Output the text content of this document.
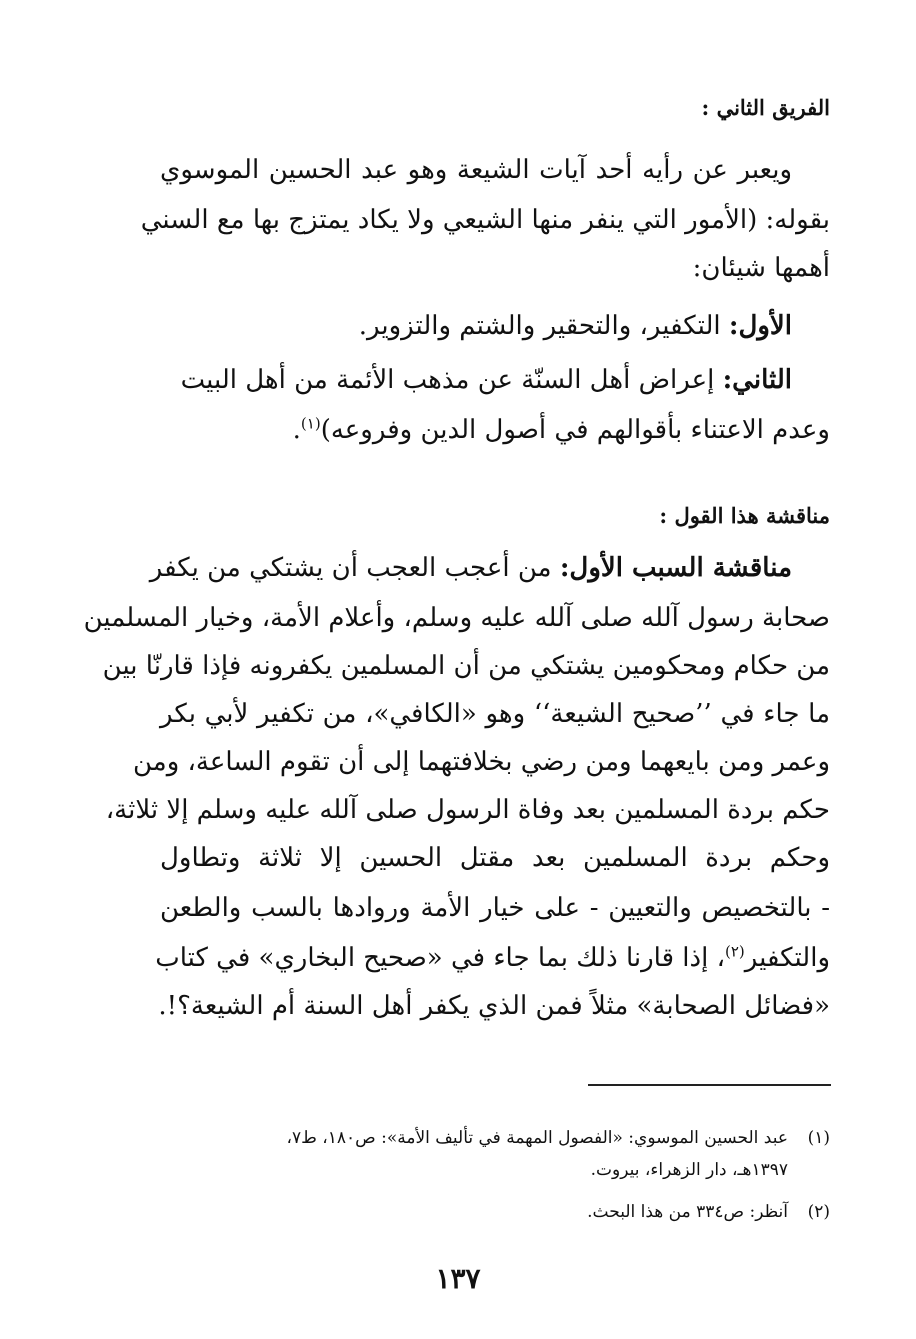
الفريق الثاني :
ويعبر عن رأيه أحد آيات الشيعة وهو عبد الحسين الموسوي
بقوله: (الأمور التي ينفر منها الشيعي ولا يكاد يمتزج بها مع السني
أهمها شيئان:
الأول: التكفير، والتحقير والشتم والتزوير.
الثاني: إعراض أهل السنّة عن مذهب الأئمة من أهل البيت
وعدم الاعتناء بأقوالهم في أصول الدين وفروعه)$^{(١)}$.
مناقشة هذا القول :
مناقشة السبب الأول: من أعجب العجب أن يشتكي من يكفر
صحابة رسول آلله صلى آلله عليه وسلم، وأعلام الأمة، وخيار المسلمين
من حكام ومحكومين يشتكي من أن المسلمين يكفرونه فإذا قارنّا بين
ما جاء في ’’صحيح الشيعة‘‘ وهو «الكافي»، من تكفير لأبي بكر
وعمر ومن بايعهما ومن رضي بخلافتهما إلى أن تقوم الساعة، ومن
حكم بردة المسلمين بعد وفاة الرسول صلى آلله عليه وسلم إلا ثلاثة،
وحكم بردة المسلمين بعد مقتل الحسين إلا ثلاثة وتطاول
- بالتخصيص والتعيين - على خيار الأمة وروادها بالسب والطعن
والتكفير$^{(٢)}$، إذا قارنا ذلك بما جاء في «صحيح البخاري» في كتاب
«فضائل الصحابة» مثلاً فمن الذي يكفر أهل السنة أم الشيعة؟!.
(١)عبد الحسين الموسوي: «الفصول المهمة في تأليف الأمة»: ص١٨٠، ط٧،
١٣٩٧هـ، دار الزهراء، بيروت.
(٢)آنظر: ص٣٣٤ من هذا البحث.
١٣٧
